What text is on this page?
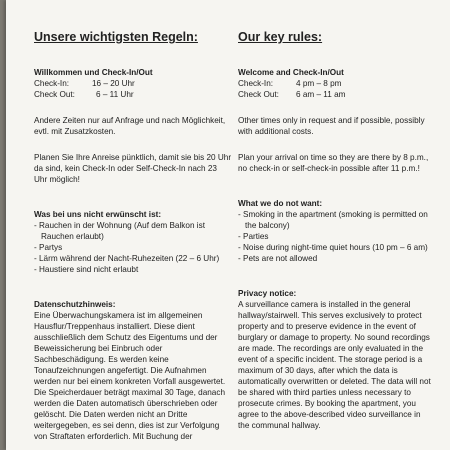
Unsere wichtigsten Regeln:
Willkommen und Check-In/Out
Check-In:	16 – 20 Uhr
Check Out:	6 – 11 Uhr

Andere Zeiten nur auf Anfrage und nach Möglichkeit, evtl. mit Zusatzkosten.

Planen Sie Ihre Anreise pünktlich, damit sie bis 20 Uhr da sind, kein Check-In oder Self-Check-In nach 23 Uhr möglich!

Was bei uns nicht erwünscht ist:
- Rauchen in der Wohnung (Auf dem Balkon ist Rauchen erlaubt)
- Partys
- Lärm während der Nacht-Ruhezeiten (22 – 6 Uhr)
- Haustiere sind nicht erlaubt
Datenschutzhinweis:

Eine Überwachungskamera ist im allgemeinen Hausflur/Treppenhaus installiert. Diese dient ausschließlich dem Schutz des Eigentums und der Beweissicherung bei Einbruch oder Sachbeschädigung. Es werden keine Tonaufzeichnungen angefertigt. Die Aufnahmen werden nur bei einem konkreten Vorfall ausgewertet. Die Speicherdauer beträgt maximal 30 Tage, danach werden die Daten automatisch überschrieben oder gelöscht. Die Daten werden nicht an Dritte weitergegeben, es sei denn, dies ist zur Verfolgung von Straftaten erforderlich. Mit Buchung der

Our key rules:
Welcome and Check-In/Out
Check-In:	4 pm – 8 pm
Check Out:	6 am – 11 am

Other times only in request and if possible, possibly with additional costs.

Plan your arrival on time so they are there by 8 p.m., no check-in or self-check-in possible after 11 p.m.!

What we do not want:
- Smoking in the apartment (smoking is permitted on the balcony)
- Parties
- Noise during night-time quiet hours (10 pm – 6 am)
- Pets are not allowed
Privacy notice:

A surveillance camera is installed in the general hallway/stairwell. This serves exclusively to protect property and to preserve evidence in the event of burglary or damage to property. No sound recordings are made. The recordings are only evaluated in the event of a specific incident. The storage period is a maximum of 30 days, after which the data is automatically overwritten or deleted. The data will not be shared with third parties unless necessary to prosecute crimes. By booking the apartment, you agree to the above-described video surveillance in the communal hallway.
